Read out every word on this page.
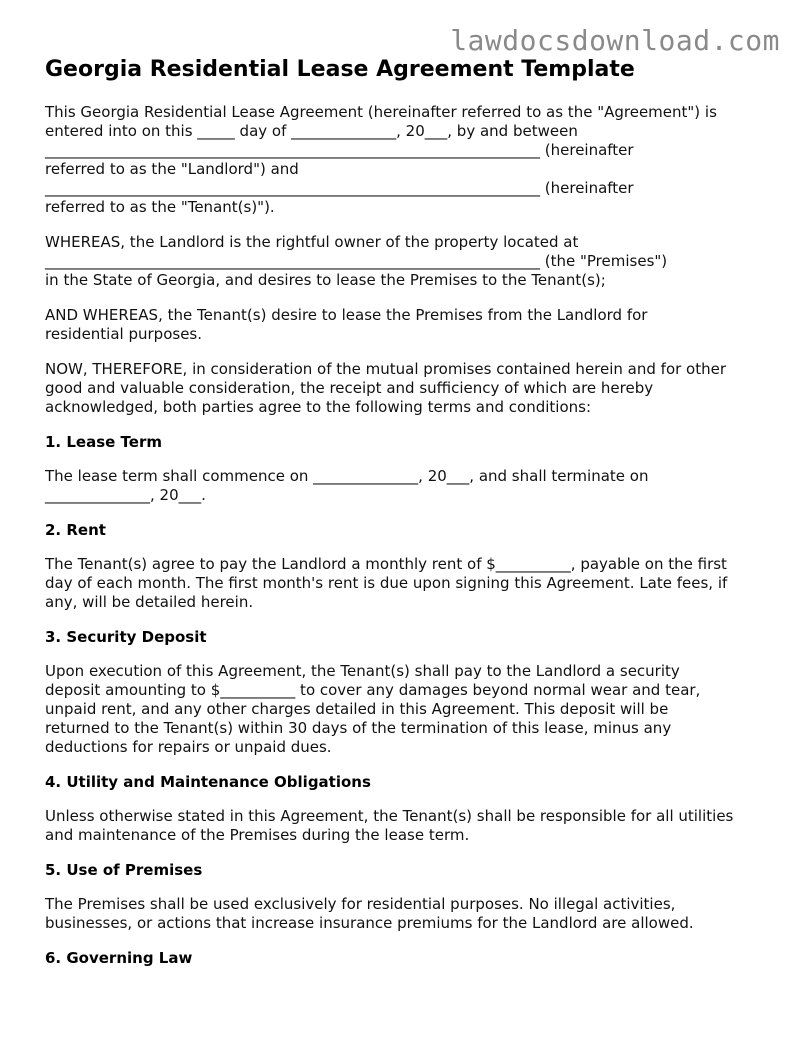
lawdocsdownload.com
Georgia Residential Lease Agreement Template

This Georgia Residential Lease Agreement (hereinafter referred to as the "Agreement") is
entered into on this _____ day of ______________, 20___, by and between
__________________________________________________________________ (hereinafter
referred to as the "Landlord") and
__________________________________________________________________ (hereinafter
referred to as the "Tenant(s)").

WHEREAS, the Landlord is the rightful owner of the property located at
__________________________________________________________________ (the "Premises")
in the State of Georgia, and desires to lease the Premises to the Tenant(s);

AND WHEREAS, the Tenant(s) desire to lease the Premises from the Landlord for
residential purposes.

NOW, THEREFORE, in consideration of the mutual promises contained herein and for other
good and valuable consideration, the receipt and sufficiency of which are hereby
acknowledged, both parties agree to the following terms and conditions:

1. Lease Term

The lease term shall commence on ______________, 20___, and shall terminate on
______________, 20___.

2. Rent

The Tenant(s) agree to pay the Landlord a monthly rent of $__________, payable on the first
day of each month. The first month's rent is due upon signing this Agreement. Late fees, if
any, will be detailed herein.

3. Security Deposit

Upon execution of this Agreement, the Tenant(s) shall pay to the Landlord a security
deposit amounting to $__________ to cover any damages beyond normal wear and tear,
unpaid rent, and any other charges detailed in this Agreement. This deposit will be
returned to the Tenant(s) within 30 days of the termination of this lease, minus any
deductions for repairs or unpaid dues.

4. Utility and Maintenance Obligations

Unless otherwise stated in this Agreement, the Tenant(s) shall be responsible for all utilities
and maintenance of the Premises during the lease term.

5. Use of Premises

The Premises shall be used exclusively for residential purposes. No illegal activities,
businesses, or actions that increase insurance premiums for the Landlord are allowed.

6. Governing Law
